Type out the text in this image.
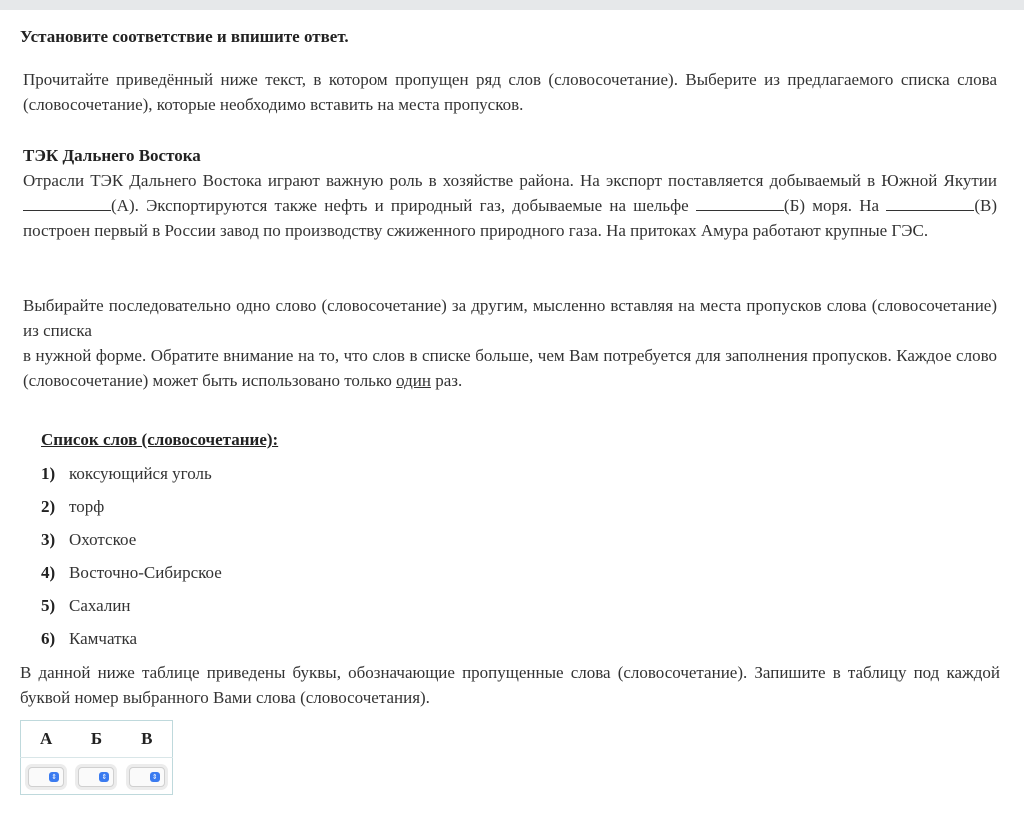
Установите соответствие и впишите ответ.

Прочитайте приведённый ниже текст, в котором пропущен ряд слов (словосочетание). Выберите из предлагаемого списка слова (словосочетание), которые необходимо вставить на места пропусков.

ТЭК Дальнего Востока
Отрасли ТЭК Дальнего Востока играют важную роль в хозяйстве района. На экспорт поставляется добываемый в Южной Якутии (А). Экспортируются также нефть и природный газ, добываемые на шельфе	(Б) моря. На	(В) построен первый в России завод по производству сжиженного природного газа. На притоках Амура работают крупные ГЭС.
Выбирайте последовательно одно слово (словосочетание) за другим, мысленно вставляя на места пропусков слова (словосочетание) из списка
в нужной форме. Обратите внимание на то, что слов в списке больше, чем Вам потребуется для заполнения пропусков. Каждое слово (словосочетание) может быть использовано только один раз.
Список слов (словосочетание):
1) коксующийся уголь
2) торф
3) Охотское
4) Восточно-Сибирское
5) Сахалин
6) Камчатка

В данной ниже таблице приведены буквы, обозначающие пропущенные слова (словосочетание). Запишите в таблицу под каждой буквой номер выбранного Вами слова (словосочетания).

А	Б	В

⇕	⇕	⇕
